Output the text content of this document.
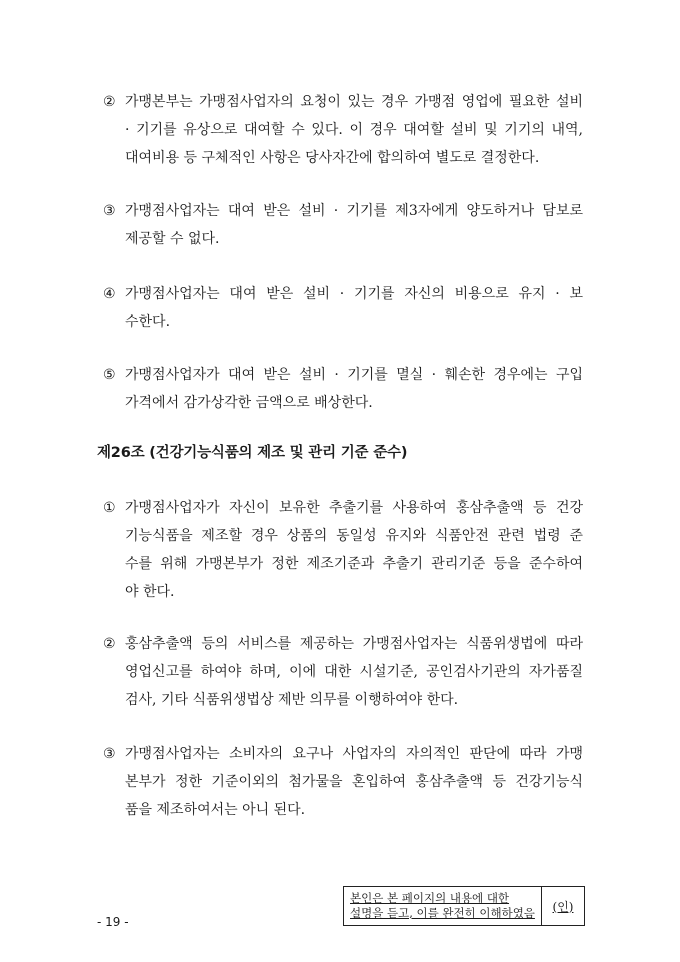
② 가맹본부는 가맹점사업자의 요청이 있는 경우 가맹점 영업에 필요한 설비
· 기기를 유상으로 대여할 수 있다. 이 경우 대여할 설비 및 기기의 내역,
대여비용 등 구체적인 사항은 당사자간에 합의하여 별도로 결정한다.
③ 가맹점사업자는 대여 받은 설비 · 기기를 제3자에게 양도하거나 담보로
제공할 수 없다.
④ 가맹점사업자는 대여 받은 설비 · 기기를 자신의 비용으로 유지 · 보
수한다.
⑤ 가맹점사업자가 대여 받은 설비 · 기기를 멸실 · 훼손한 경우에는 구입
가격에서 감가상각한 금액으로 배상한다.
제26조 (건강기능식품의 제조 및 관리 기준 준수)
① 가맹점사업자가 자신이 보유한 추출기를 사용하여 홍삼추출액 등 건강
기능식품을 제조할 경우 상품의 동일성 유지와 식품안전 관련 법령 준
수를 위해 가맹본부가 정한 제조기준과 추출기 관리기준 등을 준수하여
야 한다.
② 홍삼추출액 등의 서비스를 제공하는 가맹점사업자는 식품위생법에 따라
영업신고를 하여야 하며, 이에 대한 시설기준, 공인검사기관의 자가품질
검사, 기타 식품위생법상 제반 의무를 이행하여야 한다.
③ 가맹점사업자는 소비자의 요구나 사업자의 자의적인 판단에 따라 가맹
본부가 정한 기준이외의 첨가물을 혼입하여 홍삼추출액 등 건강기능식
품을 제조하여서는 아니 된다.
본인은 본 페이지의 내용에 대한
설명을 듣고, 이를 완전히 이해하였음	(인)
- 19 -
